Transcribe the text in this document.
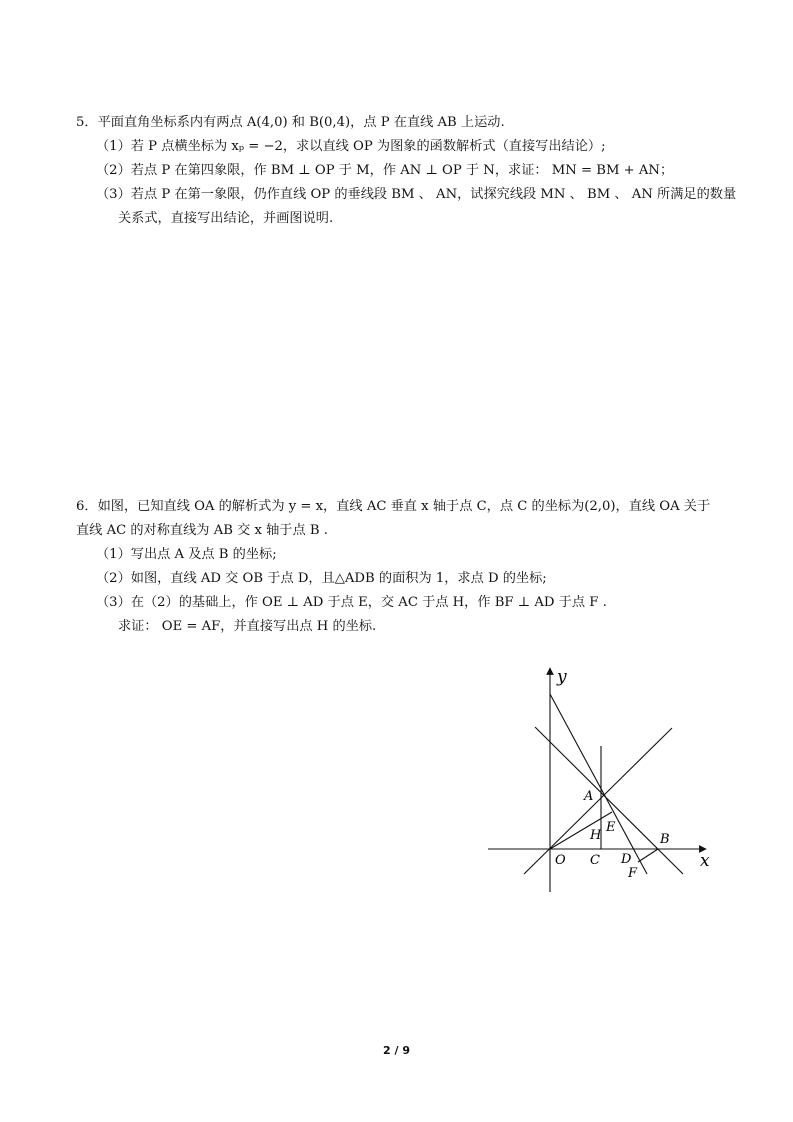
5．平面直角坐标系内有两点 A(4,0) 和 B(0,4)，点 P 在直线 AB 上运动.
（1）若 P 点横坐标为 xₚ = −2，求以直线 OP 为图象的函数解析式（直接写出结论）;
（2）若点 P 在第四象限，作 BM ⊥ OP 于 M，作 AN ⊥ OP 于 N，求证： MN = BM + AN；
（3）若点 P 在第一象限，仍作直线 OP 的垂线段 BM 、 AN，试探究线段 MN 、 BM 、 AN 所满足的数量
关系式，直接写出结论，并画图说明.
6．如图，已知直线 OA 的解析式为 y = x，直线 AC 垂直 x 轴于点 C，点 C 的坐标为(2,0)，直线 OA 关于
直线 AC 的对称直线为 AB 交 x 轴于点 B .
（1）写出点 A 及点 B 的坐标;
（2）如图，直线 AD 交 OB 于点 D，且△ADB 的面积为 1，求点 D 的坐标;
（3）在（2）的基础上，作 OE ⊥ AD 于点 E，交 AC 于点 H，作 BF ⊥ AD 于点 F .
求证： OE = AF，并直接写出点 H 的坐标.
y
x
A
E
H	B
O C D
F
2 / 9
